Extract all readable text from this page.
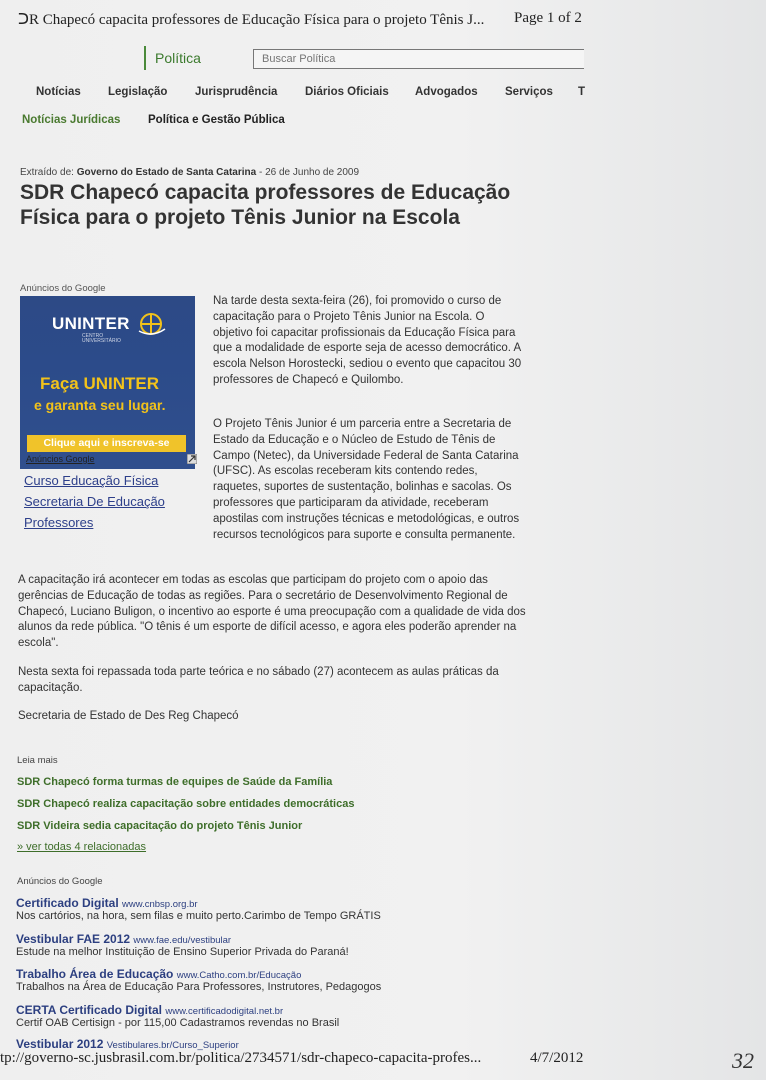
ᑐR Chapecó capacita professores de Educação Física para o projeto Tênis J... Page 1 of 2
Política
Buscar Política
Notícias Legislação Jurisprudência Diários Oficiais Advogados Serviços T
Notícias Jurídicas Política e Gestão Pública
Extraído de: Governo do Estado de Santa Catarina - 26 de Junho de 2009
SDR Chapecó capacita professores de Educação Física para o projeto Tênis Junior na Escola
Anúncios do Google
UNINTER
CENTRO
UNIVERSITÁRIO
Faça UNINTER
e garanta seu lugar.
Clique aqui e inscreva-se
Anúncios Google
Curso Educação Física
Secretaria De Educação
Professores
Na tarde desta sexta-feira (26), foi promovido o curso de capacitação para o Projeto Tênis Junior na Escola. O objetivo foi capacitar profissionais da Educação Física para que a modalidade de esporte seja de acesso democrático. A escola Nelson Horostecki, sediou o evento que capacitou 30 professores de Chapecó e Quilombo.
O Projeto Tênis Junior é um parceria entre a Secretaria de Estado da Educação e o Núcleo de Estudo de Tênis de Campo (Netec), da Universidade Federal de Santa Catarina (UFSC). As escolas receberam kits contendo redes, raquetes, suportes de sustentação, bolinhas e sacolas. Os professores que participaram da atividade, receberam apostilas com instruções técnicas e metodológicas, e outros recursos tecnológicos para suporte e consulta permanente.
A capacitação irá acontecer em todas as escolas que participam do projeto com o apoio das gerências de Educação de todas as regiões. Para o secretário de Desenvolvimento Regional de Chapecó, Luciano Buligon, o incentivo ao esporte é uma preocupação com a qualidade de vida dos alunos da rede pública. "O tênis é um esporte de difícil acesso, e agora eles poderão aprender na escola".
Nesta sexta foi repassada toda parte teórica e no sábado (27) acontecem as aulas práticas da capacitação.
Secretaria de Estado de Des Reg Chapecó
Leia mais
SDR Chapecó forma turmas de equipes de Saúde da Família
SDR Chapecó realiza capacitação sobre entidades democráticas
SDR Videira sedia capacitação do projeto Tênis Junior
» ver todas 4 relacionadas
Anúncios do Google
Certificado Digital www.cnbsp.org.br
Nos cartórios, na hora, sem filas e muito perto.Carimbo de Tempo GRÁTIS
Vestibular FAE 2012 www.fae.edu/vestibular
Estude na melhor Instituição de Ensino Superior Privada do Paraná!
Trabalho Área de Educação www.Catho.com.br/Educação
Trabalhos na Área de Educação Para Professores, Instrutores, Pedagogos
CERTA Certificado Digital www.certificadodigital.net.br
Certif OAB Certisign - por 115,00 Cadastramos revendas no Brasil
Vestibular 2012 Vestibulares.br/Curso_Superior
tp://governo-sc.jusbrasil.com.br/politica/2734571/sdr-chapeco-capacita-profes...	4/7/2012	32
